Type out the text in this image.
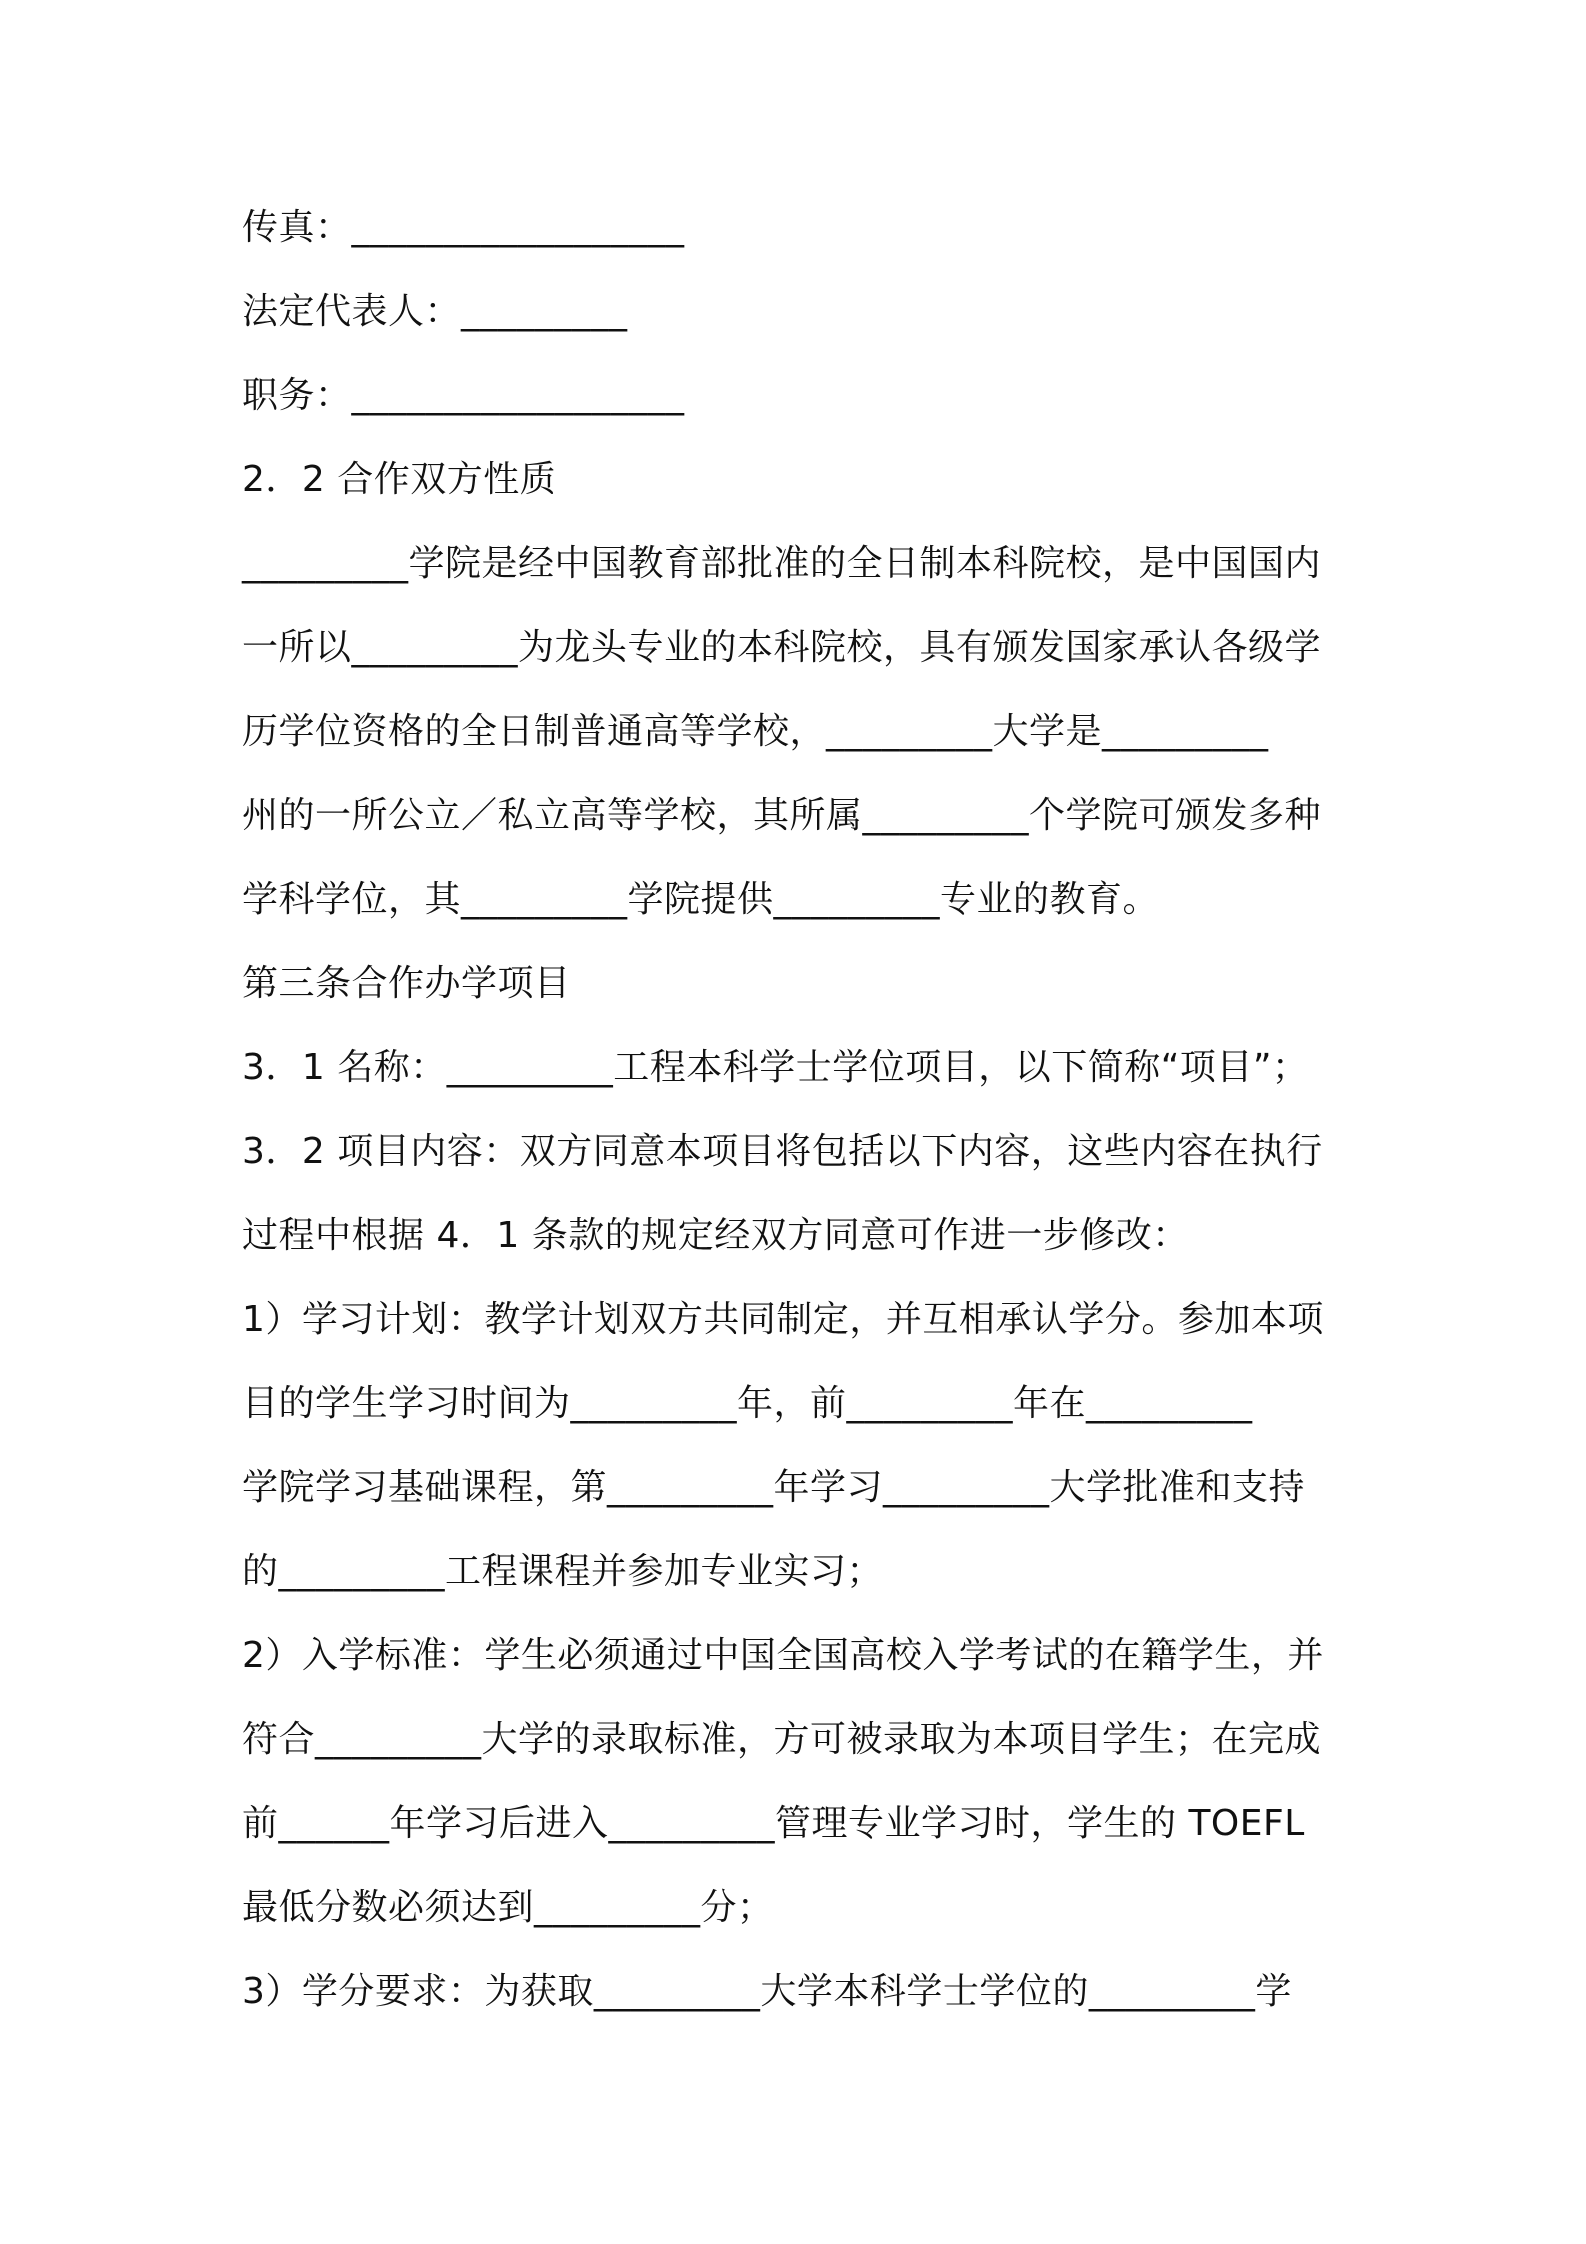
传真：__________________
法定代表人：_________
职务：__________________
2．2 合作双方性质
_________学院是经中国教育部批准的全日制本科院校，是中国国内
一所以_________为龙头专业的本科院校，具有颁发国家承认各级学
历学位资格的全日制普通高等学校，_________大学是_________
州的一所公立／私立高等学校，其所属_________个学院可颁发多种
学科学位，其_________学院提供_________专业的教育。
第三条合作办学项目
3．1 名称：_________工程本科学士学位项目，以下简称“项目”；
3．2 项目内容：双方同意本项目将包括以下内容，这些内容在执行
过程中根据 4．1 条款的规定经双方同意可作进一步修改：
1）学习计划：教学计划双方共同制定，并互相承认学分。参加本项
目的学生学习时间为_________年，前_________年在_________
学院学习基础课程，第_________年学习_________大学批准和支持
的_________工程课程并参加专业实习；
2）入学标准：学生必须通过中国全国高校入学考试的在籍学生，并
符合_________大学的录取标准，方可被录取为本项目学生；在完成
前______年学习后进入_________管理专业学习时，学生的 TOEFL
最低分数必须达到_________分；
3）学分要求：为获取_________大学本科学士学位的_________学
